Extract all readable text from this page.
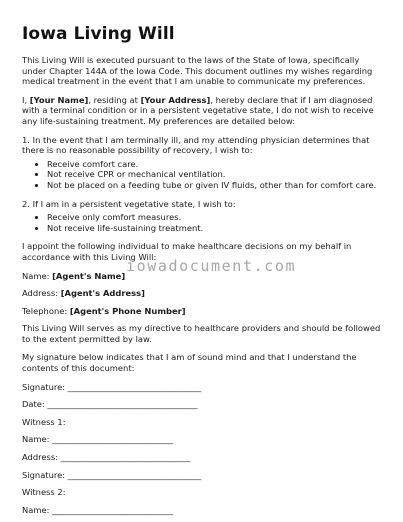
Iowa Living Will

This Living Will is executed pursuant to the laws of the State of Iowa, specifically under Chapter 144A of the Iowa Code. This document outlines my wishes regarding medical treatment in the event that I am unable to communicate my preferences.

I, [Your Name], residing at [Your Address], hereby declare that if I am diagnosed with a terminal condition or in a persistent vegetative state, I do not wish to receive any life-sustaining treatment. My preferences are detailed below:

1. In the event that I am terminally ill, and my attending physician determines that there is no reasonable possibility of recovery, I wish to:

• Receive comfort care.
• Not receive CPR or mechanical ventilation.
• Not be placed on a feeding tube or given IV fluids, other than for comfort care.

2. If I am in a persistent vegetative state, I wish to:

• Receive only comfort measures.
• Not receive life-sustaining treatment.

I appoint the following individual to make healthcare decisions on my behalf in accordance with this Living Will:

Name: [Agent's Name]

Address: [Agent's Address]

Telephone: [Agent's Phone Number]

This Living Will serves as my directive to healthcare providers and should be followed to the extent permitted by law.

My signature below indicates that I am of sound mind and that I understand the contents of this document:

Signature: ________________________________

Date: ____________________________________

Witness 1:

Name: _____________________________

Address: _______________________________

Signature: ________________________________

Witness 2:

Name: _____________________________

iowadocument.com
